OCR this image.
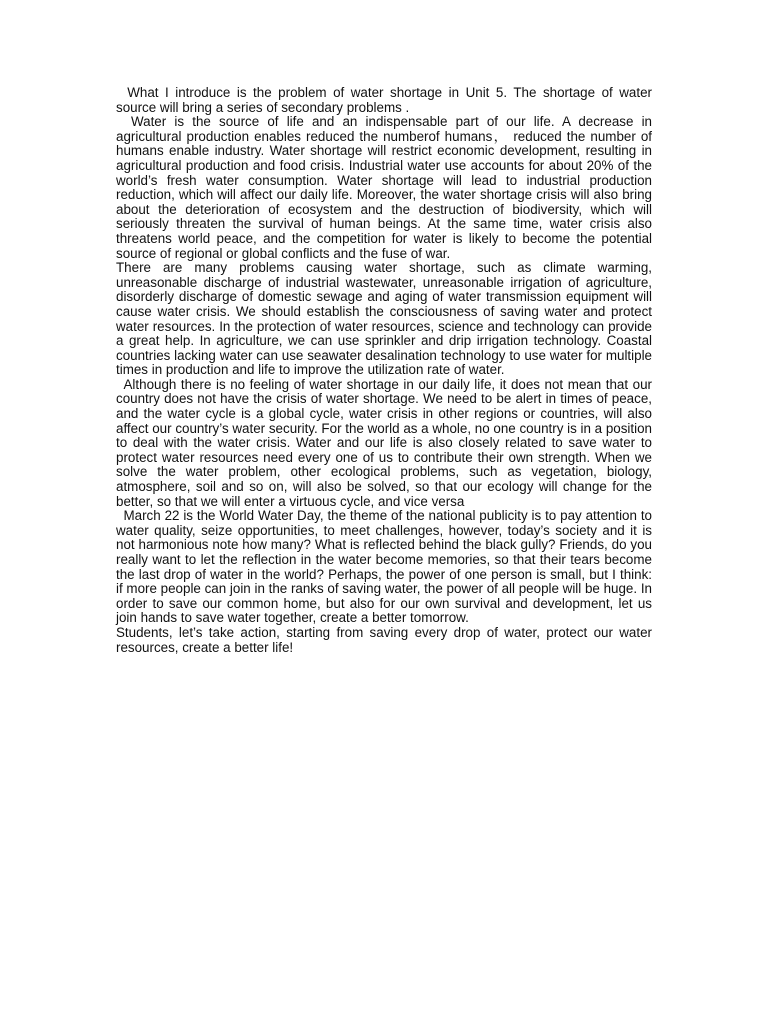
What I introduce is the problem of water shortage in Unit 5. The shortage of water source will bring a series of secondary problems .

Water is the source of life and an indispensable part of our life. A decrease in agricultural production enables reduced the numberof humans， reduced the number of humans enable industry. Water shortage will restrict economic development, resulting in agricultural production and food crisis. Industrial water use accounts for about 20% of the world’s fresh water consumption. Water shortage will lead to industrial production reduction, which will affect our daily life. Moreover, the water shortage crisis will also bring about the deterioration of ecosystem and the destruction of biodiversity, which will seriously threaten the survival of human beings. At the same time, water crisis also threatens world peace, and the competition for water is likely to become the potential source of regional or global conflicts and the fuse of war.

There are many problems causing water shortage, such as climate warming, unreasonable discharge of industrial wastewater, unreasonable irrigation of agriculture, disorderly discharge of domestic sewage and aging of water transmission equipment will cause water crisis. We should establish the consciousness of saving water and protect water resources. In the protection of water resources, science and technology can provide a great help. In agriculture, we can use sprinkler and drip irrigation technology. Coastal countries lacking water can use seawater desalination technology to use water for multiple times in production and life to improve the utilization rate of water.

Although there is no feeling of water shortage in our daily life, it does not mean that our country does not have the crisis of water shortage. We need to be alert in times of peace, and the water cycle is a global cycle, water crisis in other regions or countries, will also affect our country’s water security. For the world as a whole, no one country is in a position to deal with the water crisis. Water and our life is also closely related to save water to protect water resources need every one of us to contribute their own strength. When we solve the water problem, other ecological problems, such as vegetation, biology, atmosphere, soil and so on, will also be solved, so that our ecology will change for the better, so that we will enter a virtuous cycle, and vice versa

March 22 is the World Water Day, the theme of the national publicity is to pay attention to water quality, seize opportunities, to meet challenges, however, today’s society and it is not harmonious note how many? What is reflected behind the black gully? Friends, do you really want to let the reflection in the water become memories, so that their tears become the last drop of water in the world? Perhaps, the power of one person is small, but I think: if more people can join in the ranks of saving water, the power of all people will be huge. In order to save our common home, but also for our own survival and development, let us join hands to save water together, create a better tomorrow.

Students, let’s take action, starting from saving every drop of water, protect our water resources, create a better life!
